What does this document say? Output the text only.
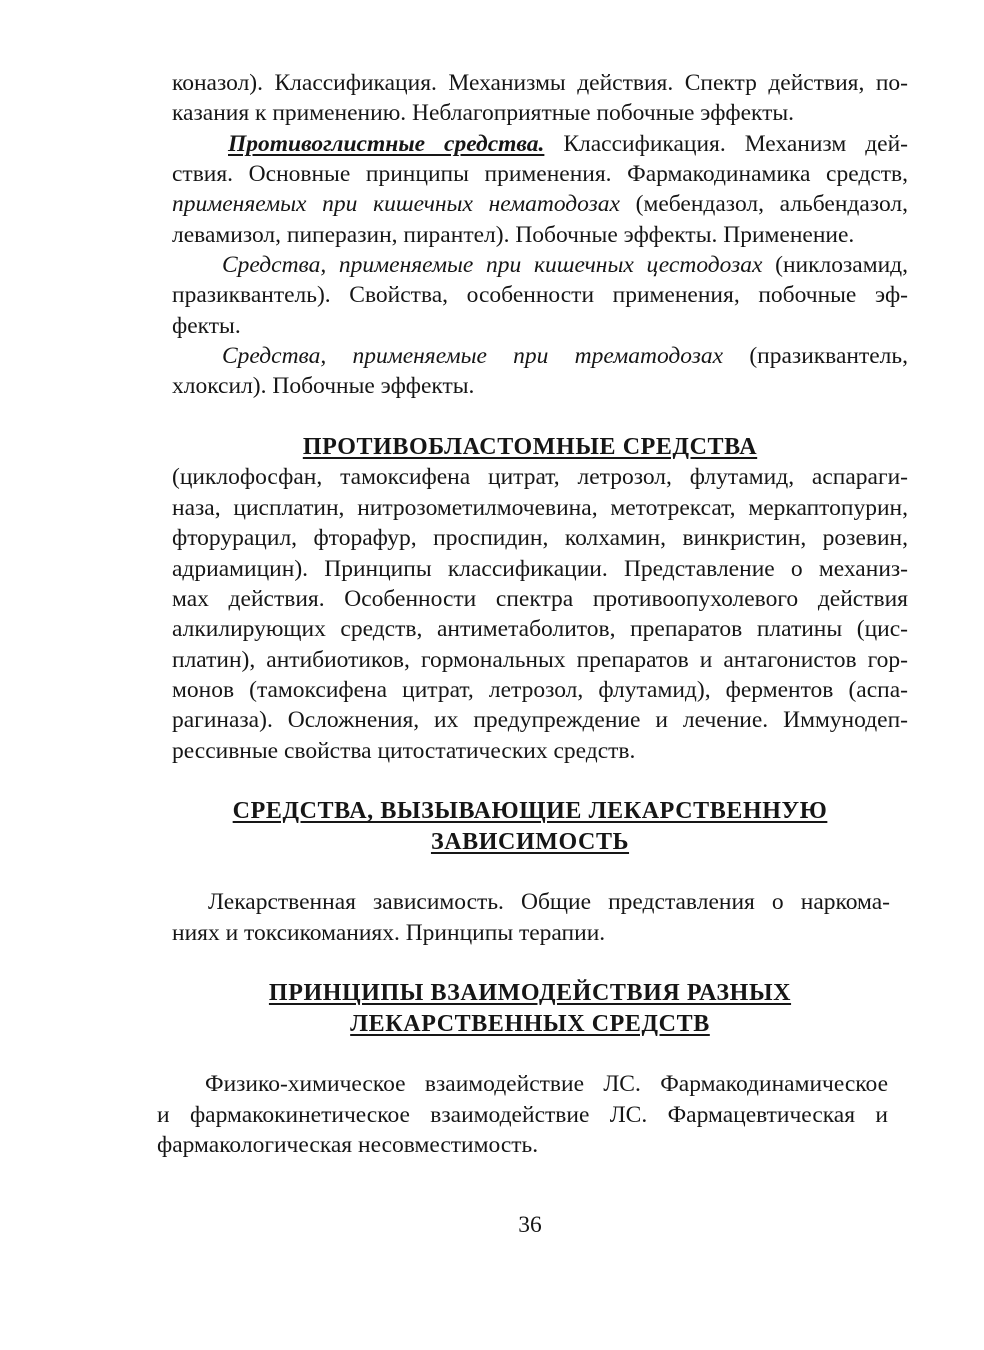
коназол). Классификация. Механизмы действия. Спектр действия, по-
казания к применению. Неблагоприятные побочные эффекты.
Противоглистные средства. Классификация. Механизм дей-
ствия. Основные принципы применения. Фармакодинамика средств,
применяемых при кишечных нематодозах (мебендазол, альбендазол,
левамизол, пиперазин, пирантел). Побочные эффекты. Применение.
Средства, применяемые при кишечных цестодозах (никлозамид,
празиквантель). Свойства, особенности применения, побочные эф-
фекты.
Средства, применяемые при трематодозах (празиквантель,
хлоксил). Побочные эффекты.
ПРОТИВОБЛАСТОМНЫЕ СРЕДСТВА
(циклофосфан, тамоксифена цитрат, летрозол, флутамид, аспараги-
наза, цисплатин, нитрозометилмочевина, метотрексат, меркаптопурин,
фторурацил, фторафур, проспидин, колхамин, винкристин, розевин,
адриамицин). Принципы классификации. Представление о механиз-
мах действия. Особенности спектра противоопухолевого действия
алкилирующих средств, антиметаболитов, препаратов платины (цис-
платин), антибиотиков, гормональных препаратов и антагонистов гор-
монов (тамоксифена цитрат, летрозол, флутамид), ферментов (аспа-
рагиназа). Осложнения, их предупреждение и лечение. Иммунодеп-
рессивные свойства цитостатических средств.
СРЕДСТВА, ВЫЗЫВАЮЩИЕ ЛЕКАРСТВЕННУЮ
ЗАВИСИМОСТЬ
Лекарственная зависимость. Общие представления о наркома-
ниях и токсикоманиях. Принципы терапии.
ПРИНЦИПЫ ВЗАИМОДЕЙСТВИЯ РАЗНЫХ
ЛЕКАРСТВЕННЫХ СРЕДСТВ
Физико-химическое взаимодействие ЛС. Фармакодинамическое
и фармакокинетическое взаимодействие ЛС. Фармацевтическая и
фармакологическая несовместимость.
36
